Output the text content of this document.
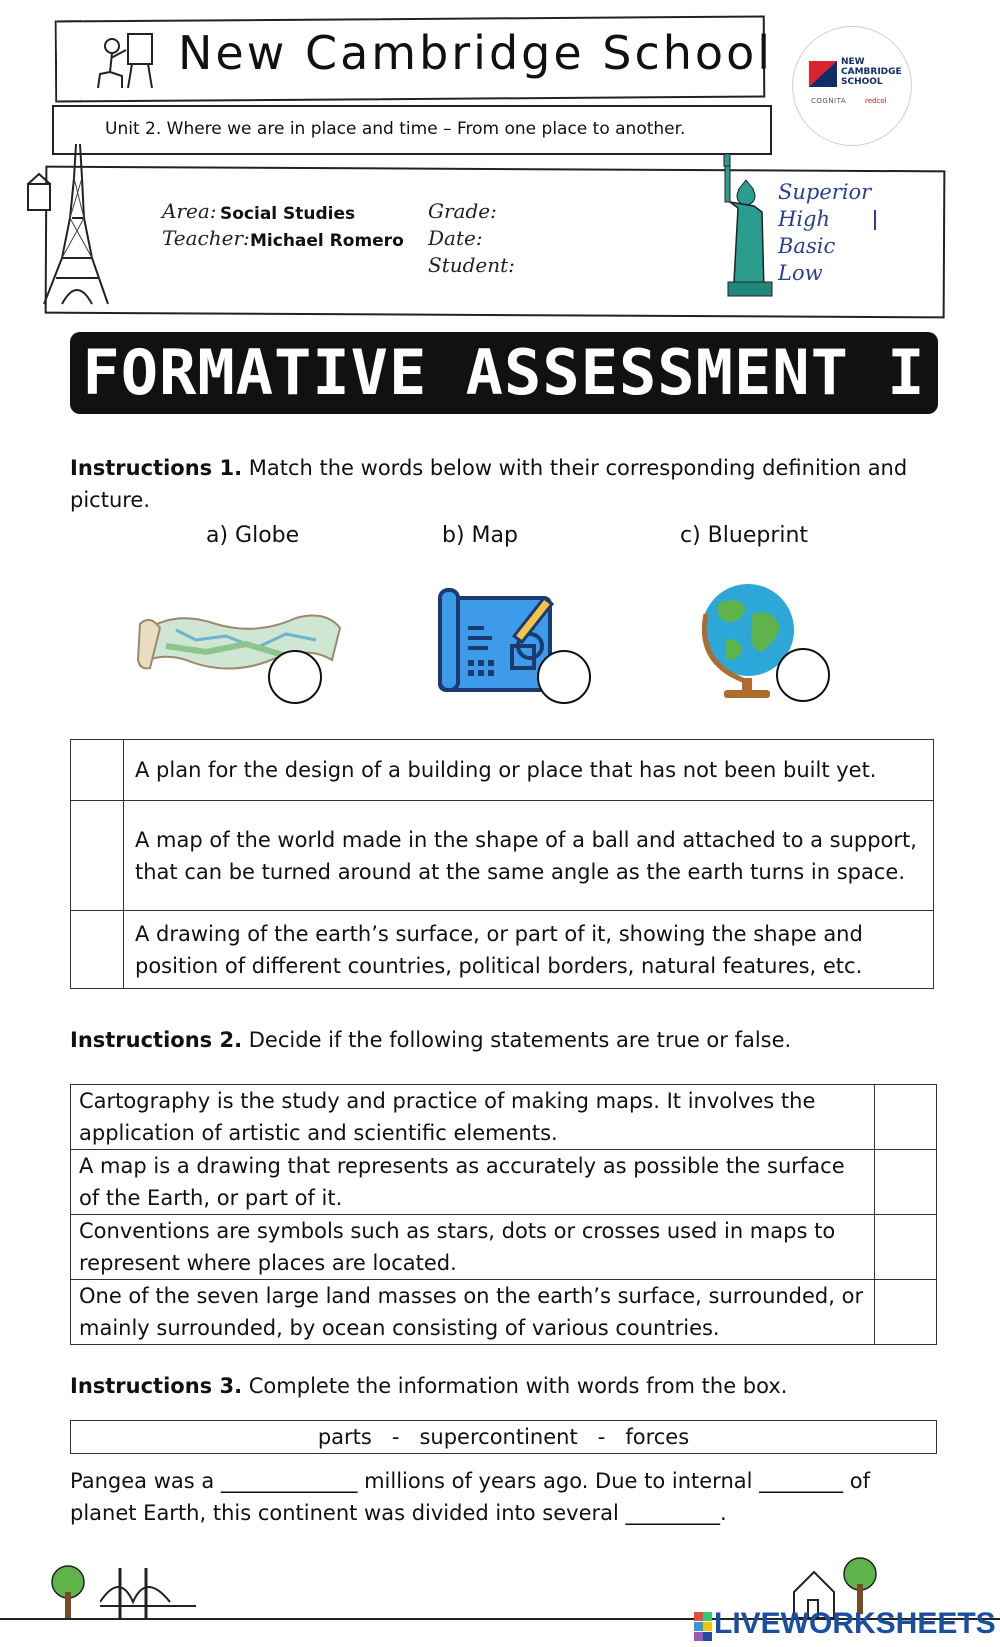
New Cambridge School
Unit 2. Where we are in place and time – From one place to another.
NEW CAMBRIDGE SCHOOL
COGNITA	redcol
Area: Social Studies
Teacher: Michael Romero
Grade:
Date:
Student:
Superior
High
Basic
Low
FORMATIVE ASSESSMENT I
Instructions 1. Match the words below with their corresponding definition and picture.
a) Globe	b) Map	c) Blueprint
	A plan for the design of a building or place that has not been built yet.
	A map of the world made in the shape of a ball and attached to a support, that can be turned around at the same angle as the earth turns in space.
	A drawing of the earth’s surface, or part of it, showing the shape and position of different countries, political borders, natural features, etc.
Instructions 2. Decide if the following statements are true or false.
Cartography is the study and practice of making maps. It involves the application of artistic and scientific elements.	
A map is a drawing that represents as accurately as possible the surface of the Earth, or part of it.	
Conventions are symbols such as stars, dots or crosses used in maps to represent where places are located.	
One of the seven large land masses on the earth’s surface, surrounded, or mainly surrounded, by ocean consisting of various countries.	
Instructions 3. Complete the information with words from the box.
parts   -   supercontinent   -   forces
Pangea was a _____________ millions of years ago. Due to internal ________ of planet Earth, this continent was divided into several _________.
LIVEWORKSHEETS
